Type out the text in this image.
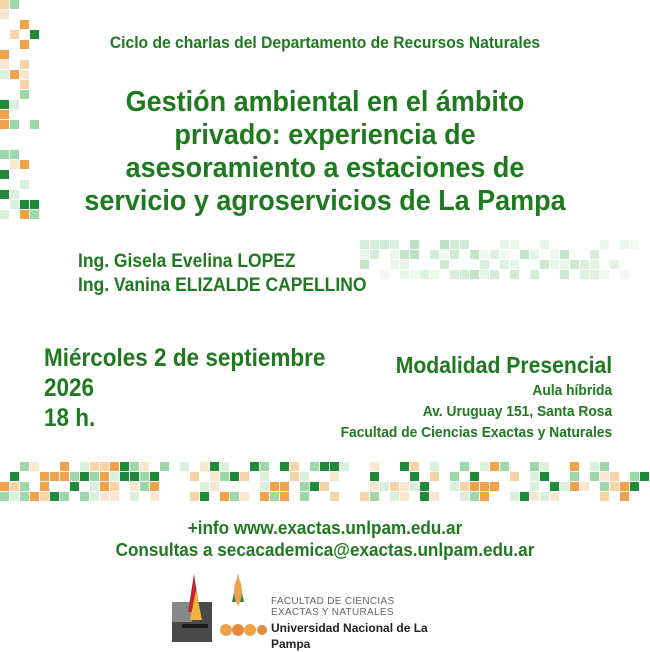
Ciclo de charlas del Departamento de Recursos Naturales
Gestión ambiental en el ámbito
privado: experiencia de
asesoramiento a estaciones de
servicio y agroservicios de La Pampa
Ing. Gisela Evelina LOPEZ
Ing. Vanina ELIZALDE CAPELLINO
Miércoles 2 de septiembre
2026
18 h.
Modalidad Presencial
Aula híbrida
Av. Uruguay 151, Santa Rosa
Facultad de Ciencias Exactas y Naturales
+info www.exactas.unlpam.edu.ar
Consultas a secacademica@exactas.unlpam.edu.ar
FACULTAD DE CIENCIAS
EXACTAS Y NATURALES
Universidad Nacional de La Pampa
